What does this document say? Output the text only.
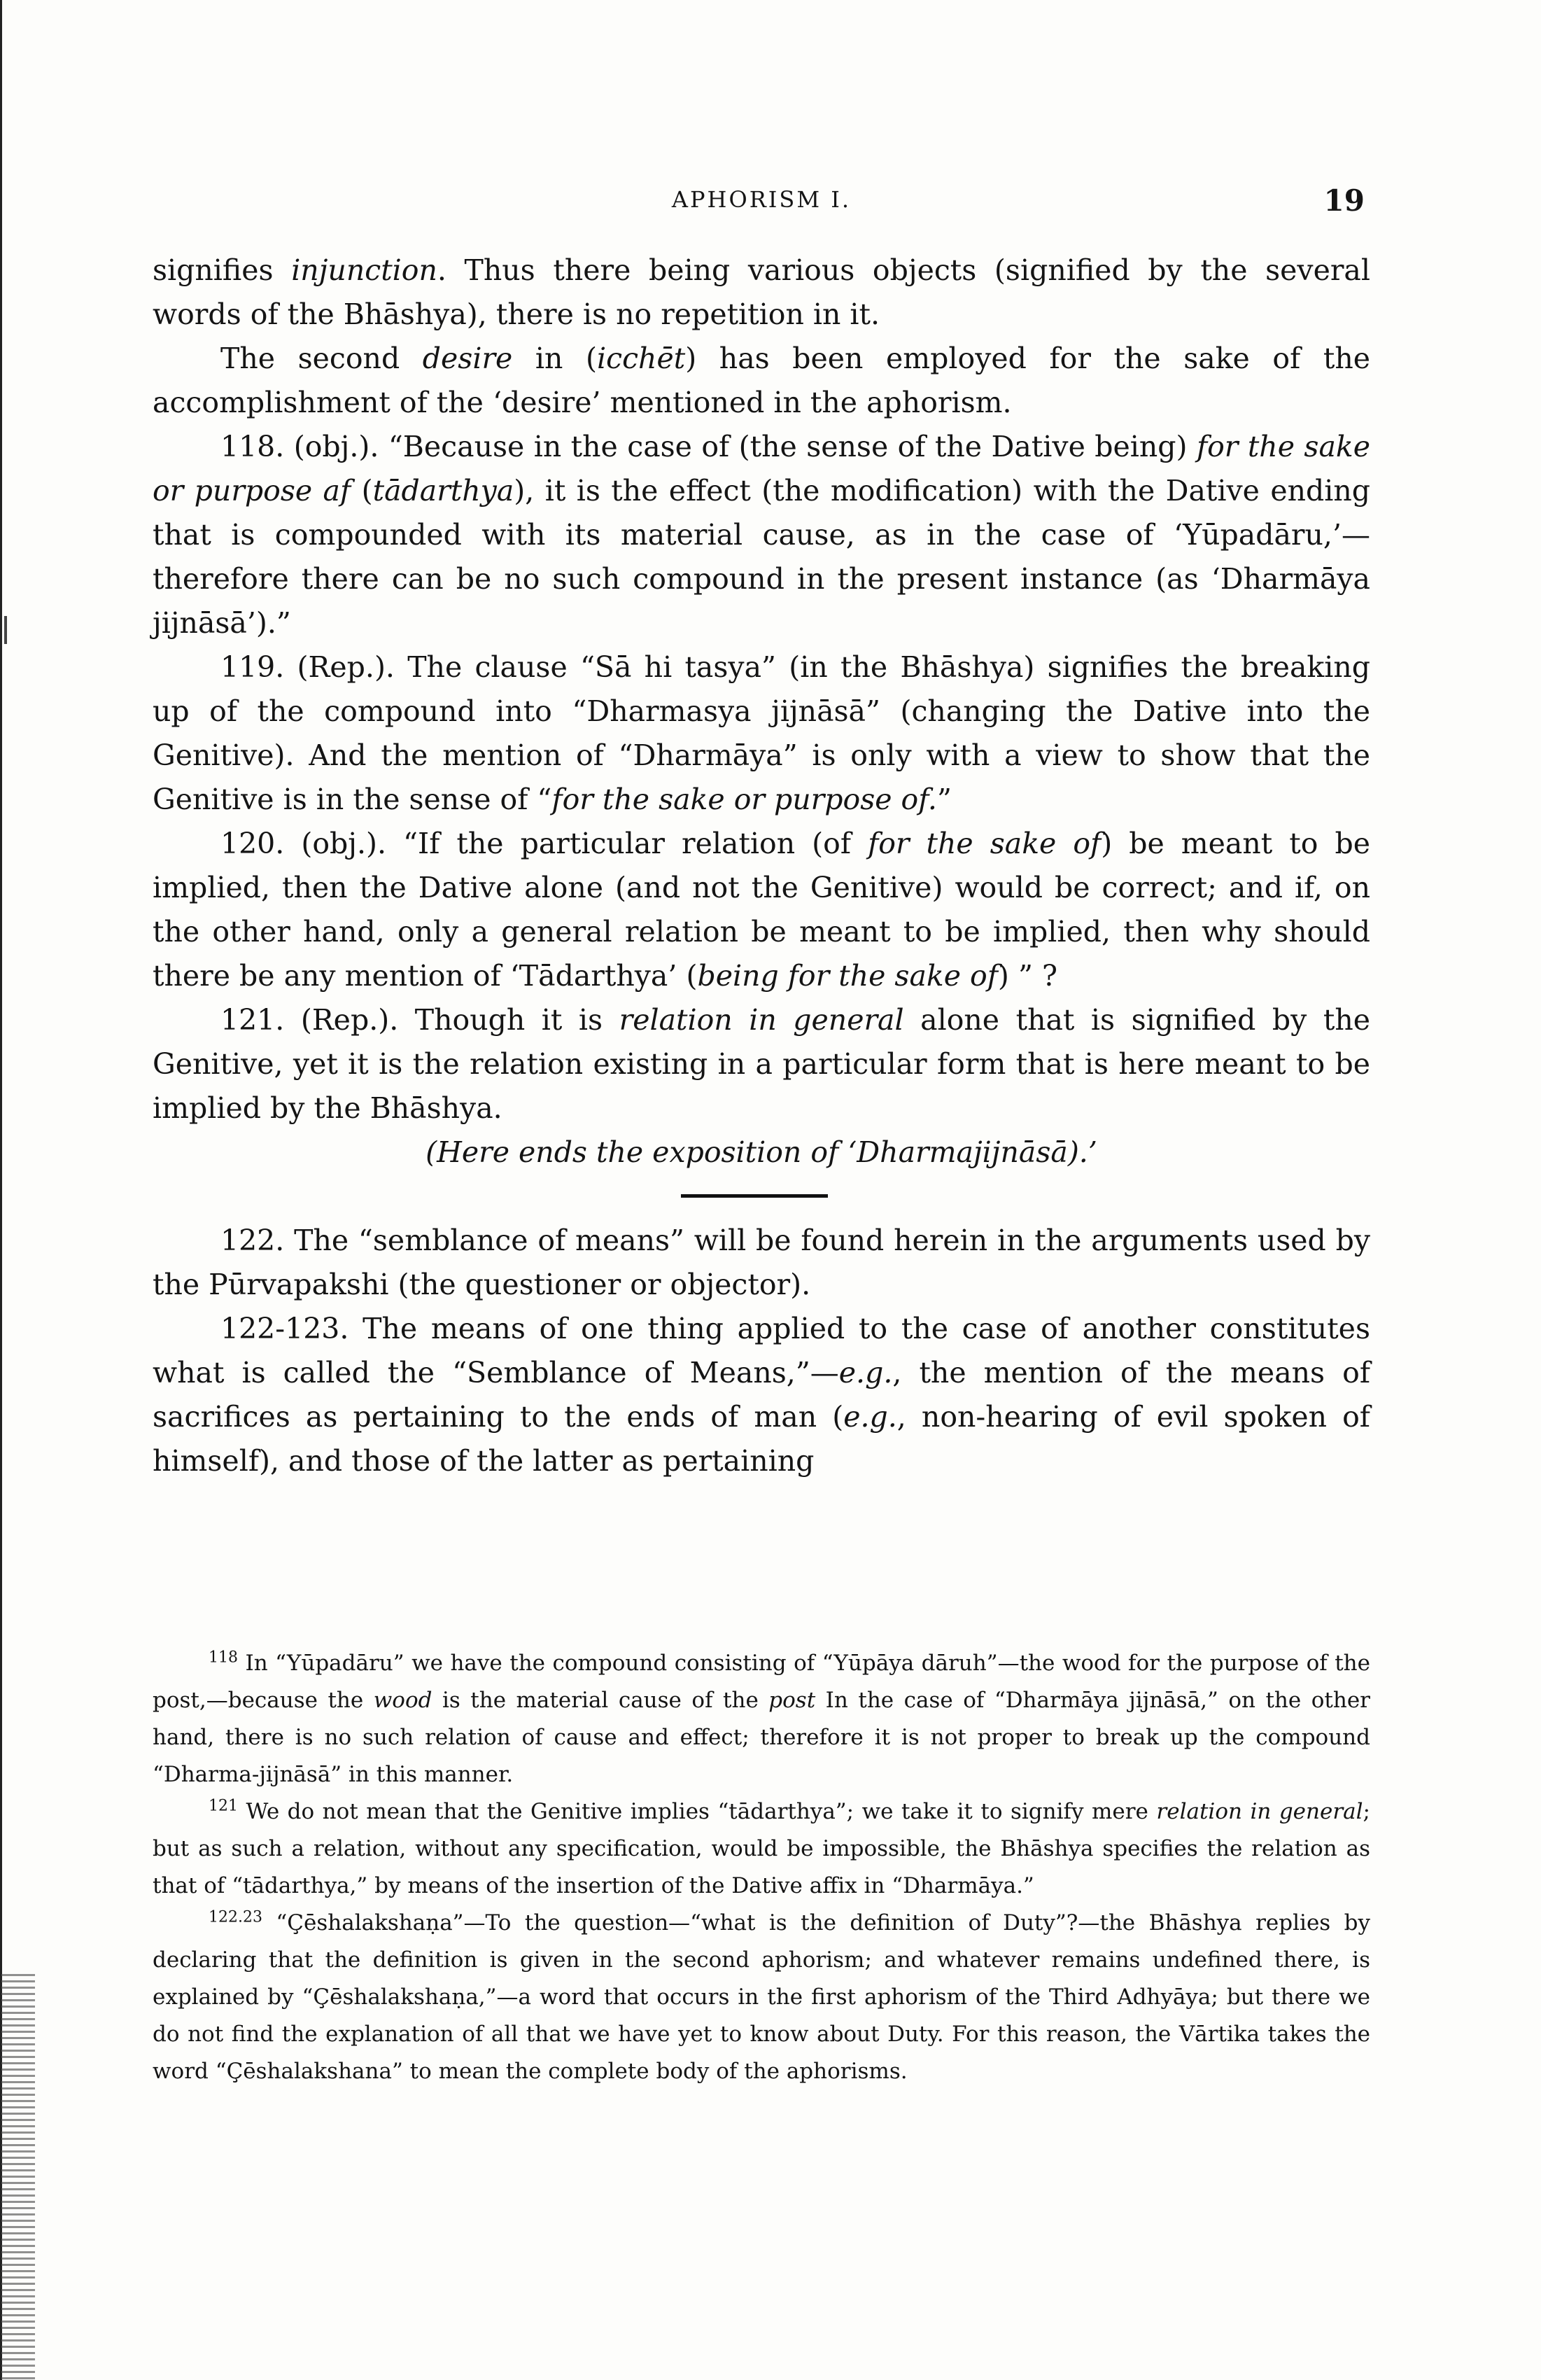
APHORISM I.	19

signifies injunction. Thus there being various objects (signified by the several words of the Bhāshya), there is no repetition in it.

The second desire in (icchēt) has been employed for the sake of the accomplishment of the ‘desire’ mentioned in the aphorism.

118. (obj.). “Because in the case of (the sense of the Dative being) for the sake or purpose af (tādarthya), it is the effect (the modification) with the Dative ending that is compounded with its material cause, as in the case of ‘Yūpadāru,’—therefore there can be no such compound in the present instance (as ‘Dharmāya jijnāsā’).”

119. (Rep.). The clause “Sā hi tasya” (in the Bhāshya) signifies the breaking up of the compound into “Dharmasya jijnāsā” (changing the Dative into the Genitive). And the mention of “Dharmāya” is only with a view to show that the Genitive is in the sense of “for the sake or purpose of.”

120. (obj.). “If the particular relation (of for the sake of) be meant to be implied, then the Dative alone (and not the Genitive) would be correct; and if, on the other hand, only a general relation be meant to be implied, then why should there be any mention of ‘Tādarthya’ (being for the sake of) ” ?

121. (Rep.). Though it is relation in general alone that is signified by the Genitive, yet it is the relation existing in a particular form that is here meant to be implied by the Bhāshya.

(Here ends the exposition of ‘Dharmajijnāsā).’

122. The “semblance of means” will be found herein in the arguments used by the Pūrvapakshi (the questioner or objector).

122-123. The means of one thing applied to the case of another constitutes what is called the “Semblance of Means,”—e.g., the mention of the means of sacrifices as pertaining to the ends of man (e.g., non-hearing of evil spoken of himself), and those of the latter as pertaining

$^{118}$ In “Yūpadāru” we have the compound consisting of “Yūpāya dāruh”—the wood for the purpose of the post,—because the wood is the material cause of the post In the case of “Dharmāya jijnāsā,” on the other hand, there is no such relation of cause and effect; therefore it is not proper to break up the compound “Dharma-jijnāsā” in this manner.

$^{121}$ We do not mean that the Genitive implies “tādarthya”; we take it to signify mere relation in general; but as such a relation, without any specification, would be impossible, the Bhāshya specifies the relation as that of “tādarthya,” by means of the insertion of the Dative affix in “Dharmāya.”

$^{122.23}$ “Çēshalakshaṇa”—To the question—“what is the definition of Duty”?—the Bhāshya replies by declaring that the definition is given in the second aphorism; and whatever remains undefined there, is explained by “Çēshalakshaṇa,”—a word that occurs in the first aphorism of the Third Adhyāya; but there we do not find the explanation of all that we have yet to know about Duty. For this reason, the Vārtika takes the word “Çēshalakshana” to mean the complete body of the aphorisms.
